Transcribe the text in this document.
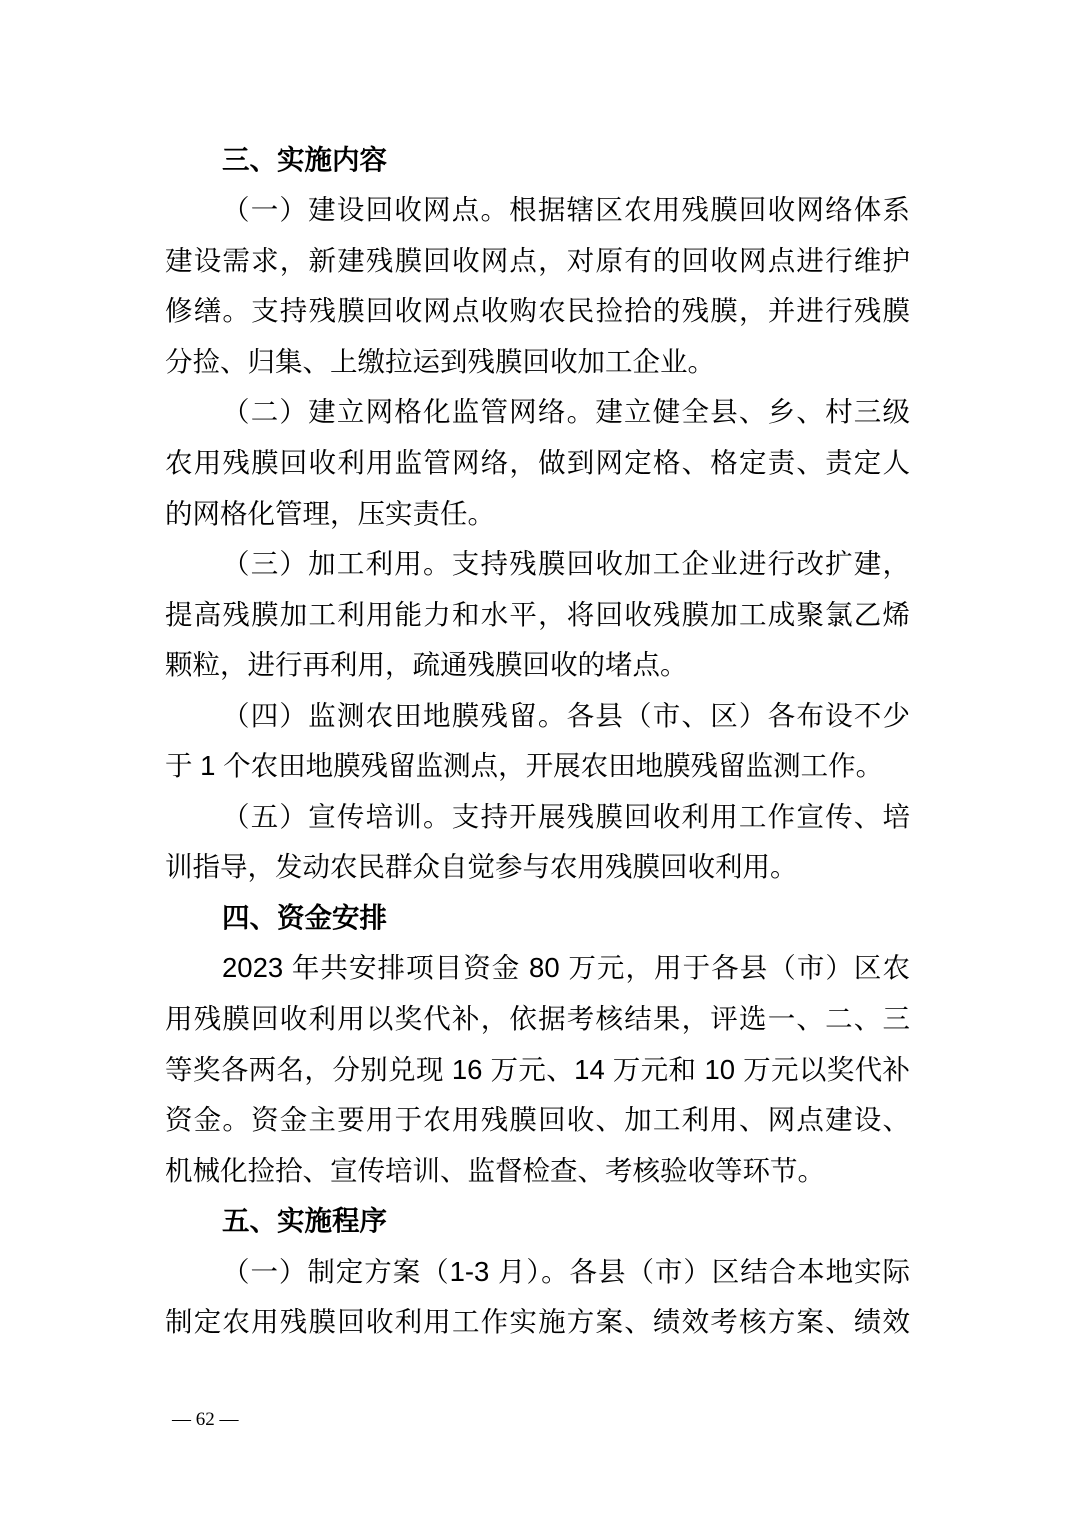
三、实施内容
（一）建设回收网点。根据辖区农用残膜回收网络体系
建设需求，新建残膜回收网点，对原有的回收网点进行维护
修缮。支持残膜回收网点收购农民捡拾的残膜，并进行残膜
分捡、归集、上缴拉运到残膜回收加工企业。
（二）建立网格化监管网络。建立健全县、乡、村三级
农用残膜回收利用监管网络，做到网定格、格定责、责定人
的网格化管理，压实责任。
（三）加工利用。支持残膜回收加工企业进行改扩建，
提高残膜加工利用能力和水平，将回收残膜加工成聚氯乙烯
颗粒，进行再利用，疏通残膜回收的堵点。
（四）监测农田地膜残留。各县（市、区）各布设不少
于 1 个农田地膜残留监测点，开展农田地膜残留监测工作。
（五）宣传培训。支持开展残膜回收利用工作宣传、培
训指导，发动农民群众自觉参与农用残膜回收利用。
四、资金安排
2023 年共安排项目资金 80 万元，用于各县（市）区农
用残膜回收利用以奖代补，依据考核结果，评选一、二、三
等奖各两名，分别兑现 16 万元、14 万元和 10 万元以奖代补
资金。资金主要用于农用残膜回收、加工利用、网点建设、
机械化捡拾、宣传培训、监督检查、考核验收等环节。
五、实施程序
（一）制定方案（1-3 月）。各县（市）区结合本地实际
制定农用残膜回收利用工作实施方案、绩效考核方案、绩效
— 62 —
